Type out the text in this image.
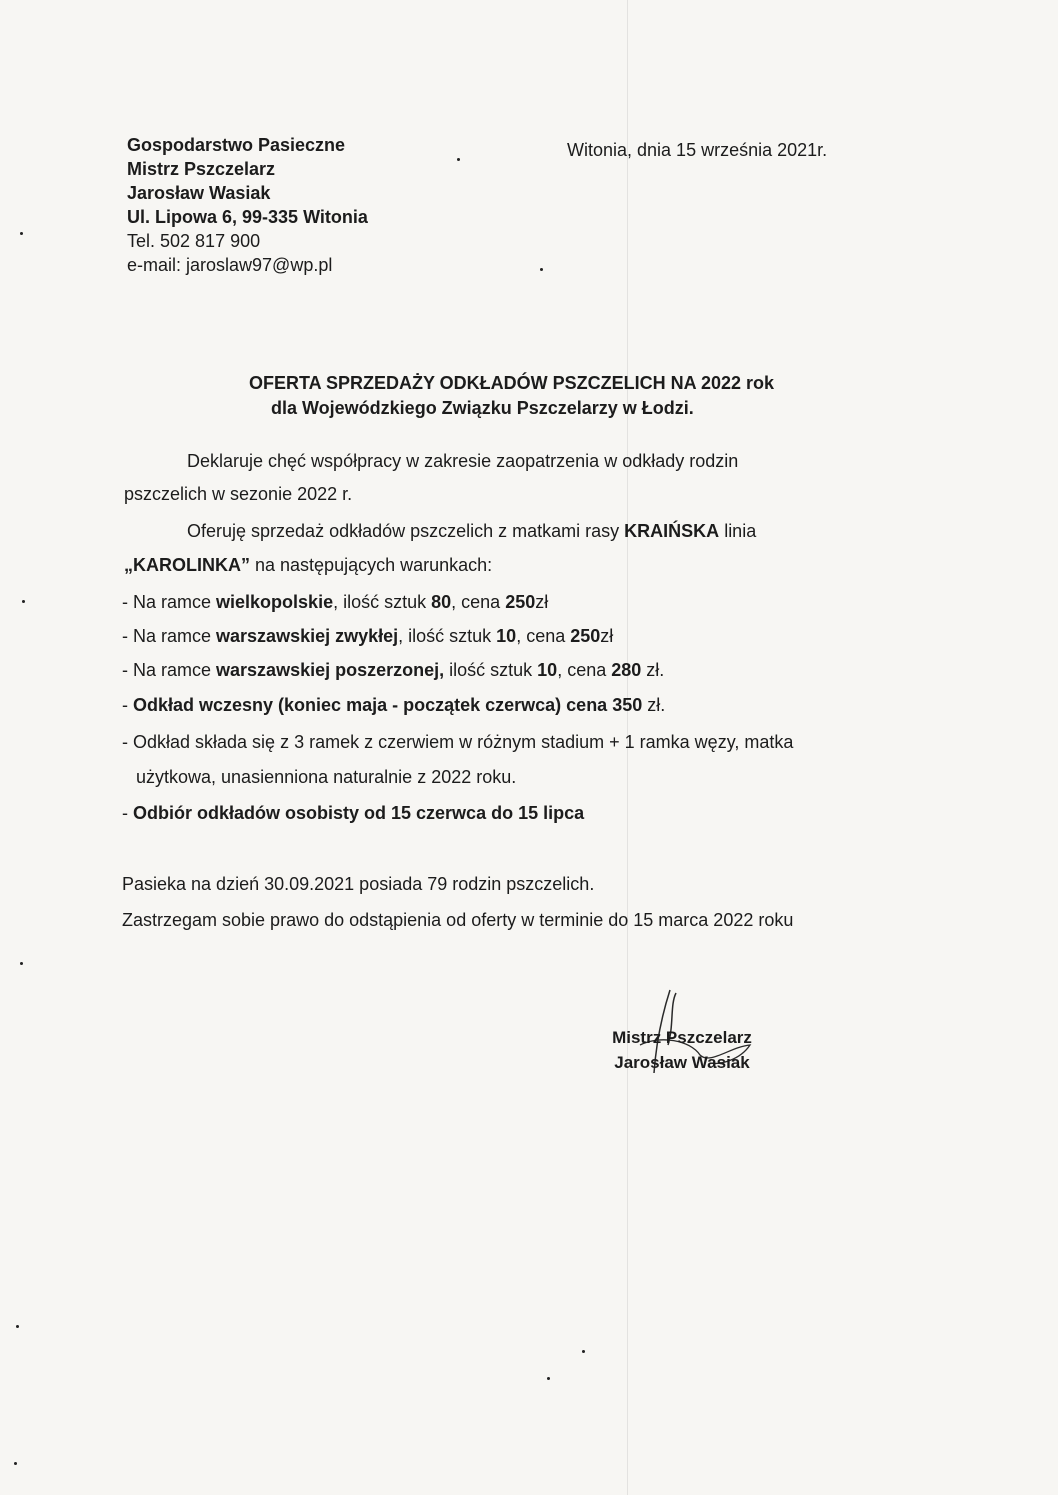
Gospodarstwo Pasieczne
Mistrz Pszczelarz
Jarosław Wasiak
Ul. Lipowa 6, 99-335 Witonia
Tel. 502 817 900
e-mail: jaroslaw97@wp.pl
Witonia, dnia 15 września 2021r.
OFERTA SPRZEDAŻY ODKŁADÓW PSZCZELICH NA 2022 rok
dla Wojewódzkiego Związku Pszczelarzy w Łodzi.
Deklaruje chęć współpracy w zakresie zaopatrzenia w odkłady rodzin
pszczelich w sezonie 2022 r.
Oferuję sprzedaż odkładów pszczelich z matkami rasy KRAIŃSKA linia
„KAROLINKA” na następujących warunkach:
- Na ramce wielkopolskie, ilość sztuk 80, cena 250zł
- Na ramce warszawskiej zwykłej, ilość sztuk 10, cena 250zł
- Na ramce warszawskiej poszerzonej, ilość sztuk 10, cena 280 zł.
- Odkład wczesny (koniec maja - początek czerwca) cena 350 zł.
- Odkład składa się z 3 ramek z czerwiem w różnym stadium + 1 ramka węzy, matka
użytkowa, unasienniona naturalnie z 2022 roku.
- Odbiór odkładów osobisty od 15 czerwca do 15 lipca
Pasieka na dzień 30.09.2021 posiada 79 rodzin pszczelich.
Zastrzegam sobie prawo do odstąpienia od oferty w terminie do 15 marca 2022 roku
Mistrz Pszczelarz
Jarosław Wasiak
